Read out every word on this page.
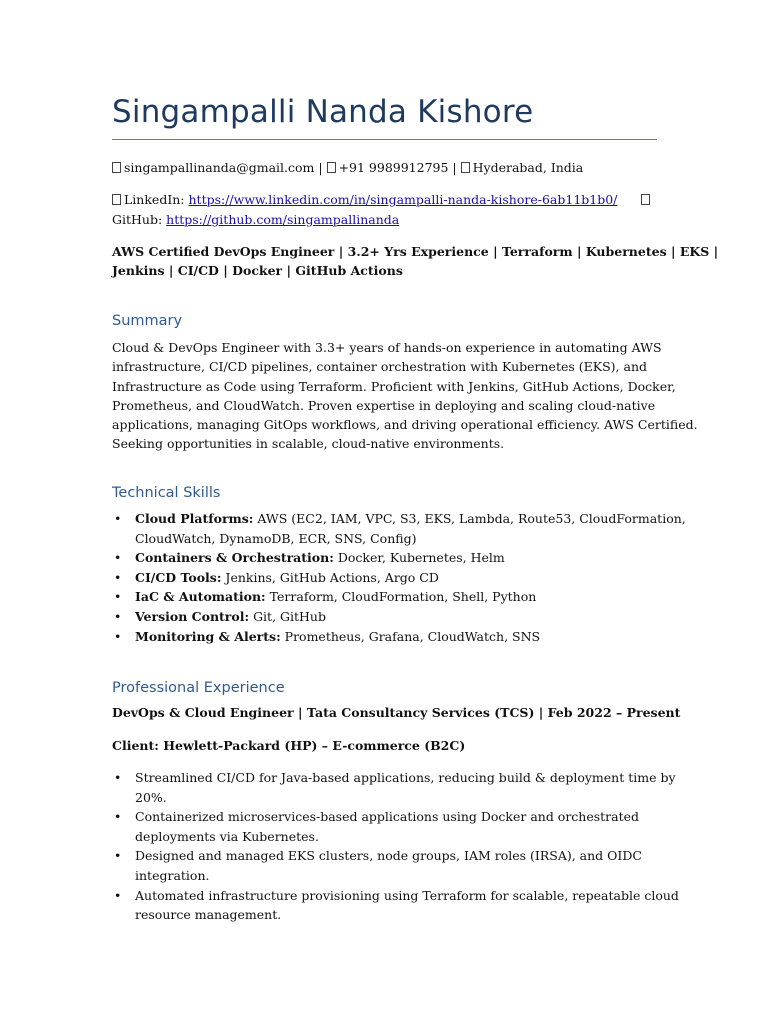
Singampalli Nanda Kishore
singampallinanda@gmail.com | +91 9989912795 | Hyderabad, India
LinkedIn: https://www.linkedin.com/in/singampalli-nanda-kishore-6ab11b1b0/
GitHub: https://github.com/singampallinanda
AWS Certified DevOps Engineer | 3.2+ Yrs Experience | Terraform | Kubernetes | EKS |
Jenkins | CI/CD | Docker | GitHub Actions
Summary
Cloud & DevOps Engineer with 3.3+ years of hands-on experience in automating AWS
infrastructure, CI/CD pipelines, container orchestration with Kubernetes (EKS), and
Infrastructure as Code using Terraform. Proficient with Jenkins, GitHub Actions, Docker,
Prometheus, and CloudWatch. Proven expertise in deploying and scaling cloud-native
applications, managing GitOps workflows, and driving operational efficiency. AWS Certified.
Seeking opportunities in scalable, cloud-native environments.
Technical Skills
• Cloud Platforms: AWS (EC2, IAM, VPC, S3, EKS, Lambda, Route53, CloudFormation,
CloudWatch, DynamoDB, ECR, SNS, Config)
• Containers & Orchestration: Docker, Kubernetes, Helm
• CI/CD Tools: Jenkins, GitHub Actions, Argo CD
• IaC & Automation: Terraform, CloudFormation, Shell, Python
• Version Control: Git, GitHub
• Monitoring & Alerts: Prometheus, Grafana, CloudWatch, SNS
Professional Experience
DevOps & Cloud Engineer | Tata Consultancy Services (TCS) | Feb 2022 – Present
Client: Hewlett-Packard (HP) – E-commerce (B2C)
• Streamlined CI/CD for Java-based applications, reducing build & deployment time by
20%.
• Containerized microservices-based applications using Docker and orchestrated
deployments via Kubernetes.
• Designed and managed EKS clusters, node groups, IAM roles (IRSA), and OIDC
integration.
• Automated infrastructure provisioning using Terraform for scalable, repeatable cloud
resource management.
